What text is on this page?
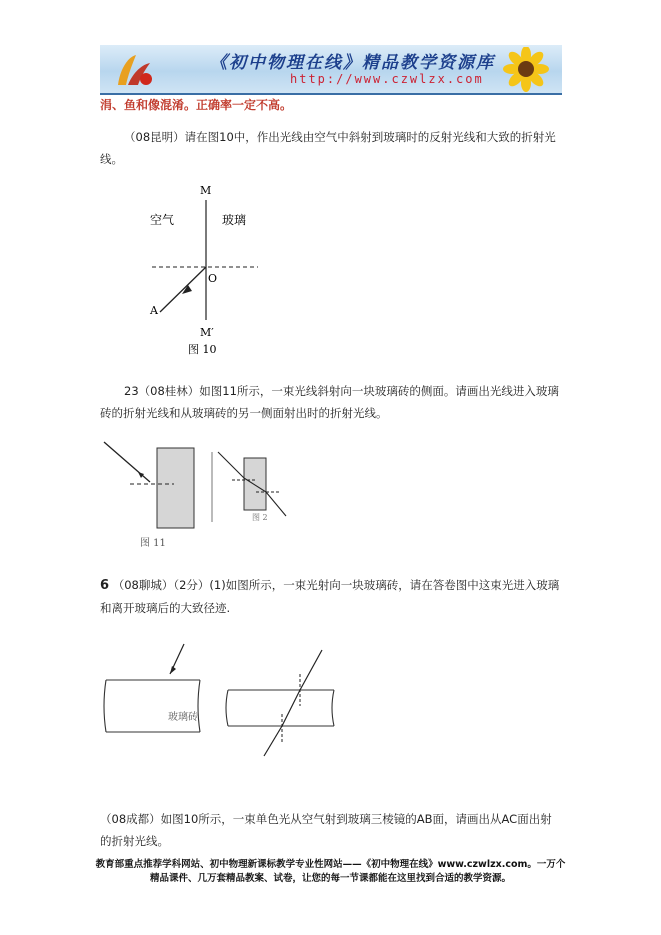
《初中物理在线》精品教学资源库
http://www.czwlzx.com
涓、鱼和像混淆。正确率一定不高。
（08昆明）请在图10中，作出光线由空气中斜射到玻璃时的反射光线和大致的折射光线。
M
空气	玻璃
O
A
M′
图 10
23（08桂林）如图11所示，一束光线斜射向一块玻璃砖的侧面。请画出光线进入玻璃砖的折射光线和从玻璃砖的另一侧面射出时的折射光线。
图 11
图 2
6 （08聊城）（2分）(1)如图所示，一束光射向一块玻璃砖，请在答卷图中这束光进入玻璃和离开玻璃后的大致径迹.
玻璃砖
（08成都）如图10所示，一束单色光从空气射到玻璃三棱镜的AB面，请画出从AC面出射的折射光线。
教育部重点推荐学科网站、初中物理新课标教学专业性网站——《初中物理在线》www.czwlzx.com。一万个
精品课件、几万套精品教案、试卷，让您的每一节课都能在这里找到合适的教学资源。
